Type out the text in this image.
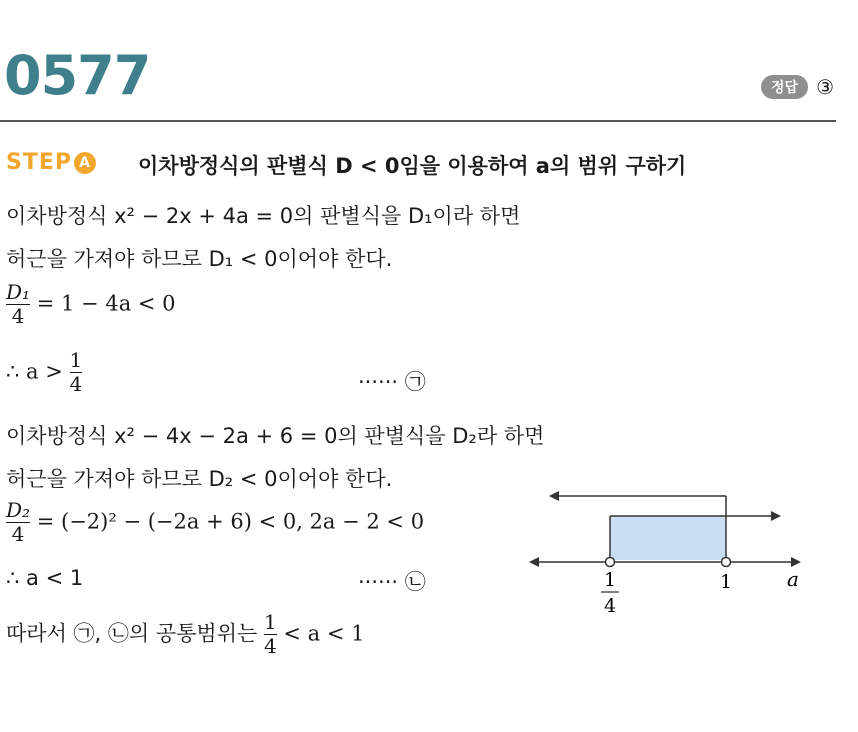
0577	정답 ③
STEP A 이차방정식의 판별식 D < 0임을 이용하여 a의 범위 구하기
이차방정식 x² − 2x + 4a = 0의 판별식을 D₁이라 하면
허근을 가져야 하므로 D₁ < 0이어야 한다.
$\frac{\text{D₁}}{4} = 1 - 4a < 0$
∴ $a > \frac{1}{4}$	······ ㉠
이차방정식 x² − 4x − 2a + 6 = 0의 판별식을 D₂라 하면
허근을 가져야 하므로 D₂ < 0이어야 한다.
$\frac{\text{D₂}}{4} = (-2)^2 - (-2a + 6) < 0$, 2a − 2 < 0
∴ a < 1	······ ㉡
따라서 ㉠, ㉡의 공통범위는 $\frac{1}{4} < a < 1$
1
4
1	a
